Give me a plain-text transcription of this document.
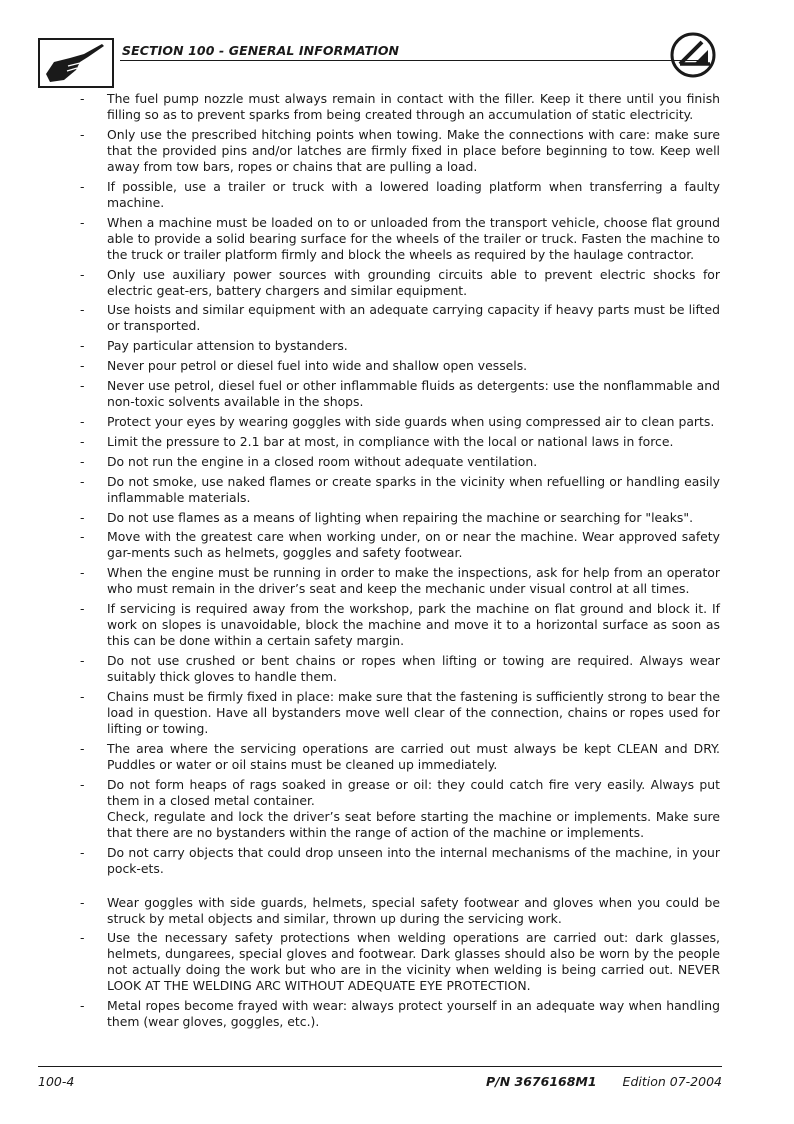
SECTION 100 - GENERAL INFORMATION
- The fuel pump nozzle must always remain in contact with the filler. Keep it there until you finish filling so as to prevent sparks from being created through an accumulation of static electricity.

- Only use the prescribed hitching points when towing. Make the connections with care: make sure that the provided pins and/or latches are firmly fixed in place before beginning to tow. Keep well away from tow bars, ropes or chains that are pulling a load.

- If possible, use a trailer or truck with a lowered loading platform when transferring a faulty machine.

- When a machine must be loaded on to or unloaded from the transport vehicle, choose flat ground able to provide a solid bearing surface for the wheels of the trailer or truck. Fasten the machine to the truck or trailer platform firmly and block the wheels as required by the haulage contractor.

- Only use auxiliary power sources with grounding circuits able to prevent electric shocks for electric geat-ers, battery chargers and similar equipment.

- Use hoists and similar equipment with an adequate carrying capacity if heavy parts must be lifted or transported.

- Pay particular attension to bystanders.

- Never pour petrol or diesel fuel into wide and shallow open vessels.

- Never use petrol, diesel fuel or other inflammable fluids as detergents: use the nonflammable and non-toxic solvents available in the shops.

- Protect your eyes by wearing goggles with side guards when using compressed air to clean parts.

- Limit the pressure to 2.1 bar at most, in compliance with the local or national laws in force.

- Do not run the engine in a closed room without adequate ventilation.

- Do not smoke, use naked flames or create sparks in the vicinity when refuelling or handling easily inflammable materials.

- Do not use flames as a means of lighting when repairing the machine or searching for "leaks".

- Move with the greatest care when working under, on or near the machine. Wear approved safety gar-ments such as helmets, goggles and safety footwear.

- When the engine must be running in order to make the inspections, ask for help from an operator who must remain in the driver’s seat and keep the mechanic under visual control at all times.

- If servicing is required away from the workshop, park the machine on flat ground and block it. If work on slopes is unavoidable, block the machine and move it to a horizontal surface as soon as this can be done within a certain safety margin.

- Do not use crushed or bent chains or ropes when lifting or towing are required. Always wear suitably thick gloves to handle them.

- Chains must be firmly fixed in place: make sure that the fastening is sufficiently strong to bear the load in question. Have all bystanders move well clear of the connection, chains or ropes used for lifting or towing.

- The area where the servicing operations are carried out must always be kept CLEAN and DRY. Puddles or water or oil stains must be cleaned up immediately.

- Do not form heaps of rags soaked in grease or oil: they could catch fire very easily. Always put them in a closed metal container.

Check, regulate and lock the driver’s seat before starting the machine or implements. Make sure that there are no bystanders within the range of action of the machine or implements.

- Do not carry objects that could drop unseen into the internal mechanisms of the machine, in your pock-ets.

- Wear goggles with side guards, helmets, special safety footwear and gloves when you could be struck by metal objects and similar, thrown up during the servicing work.

- Use the necessary safety protections when welding operations are carried out: dark glasses, helmets, dungarees, special gloves and footwear. Dark glasses should also be worn by the people not actually doing the work but who are in the vicinity when welding is being carried out. NEVER LOOK AT THE WELDING ARC WITHOUT ADEQUATE EYE PROTECTION.

- Metal ropes become frayed with wear: always protect yourself in an adequate way when handling them (wear gloves, goggles, etc.).

100-4	P/N 3676168M1 Edition 07-2004
